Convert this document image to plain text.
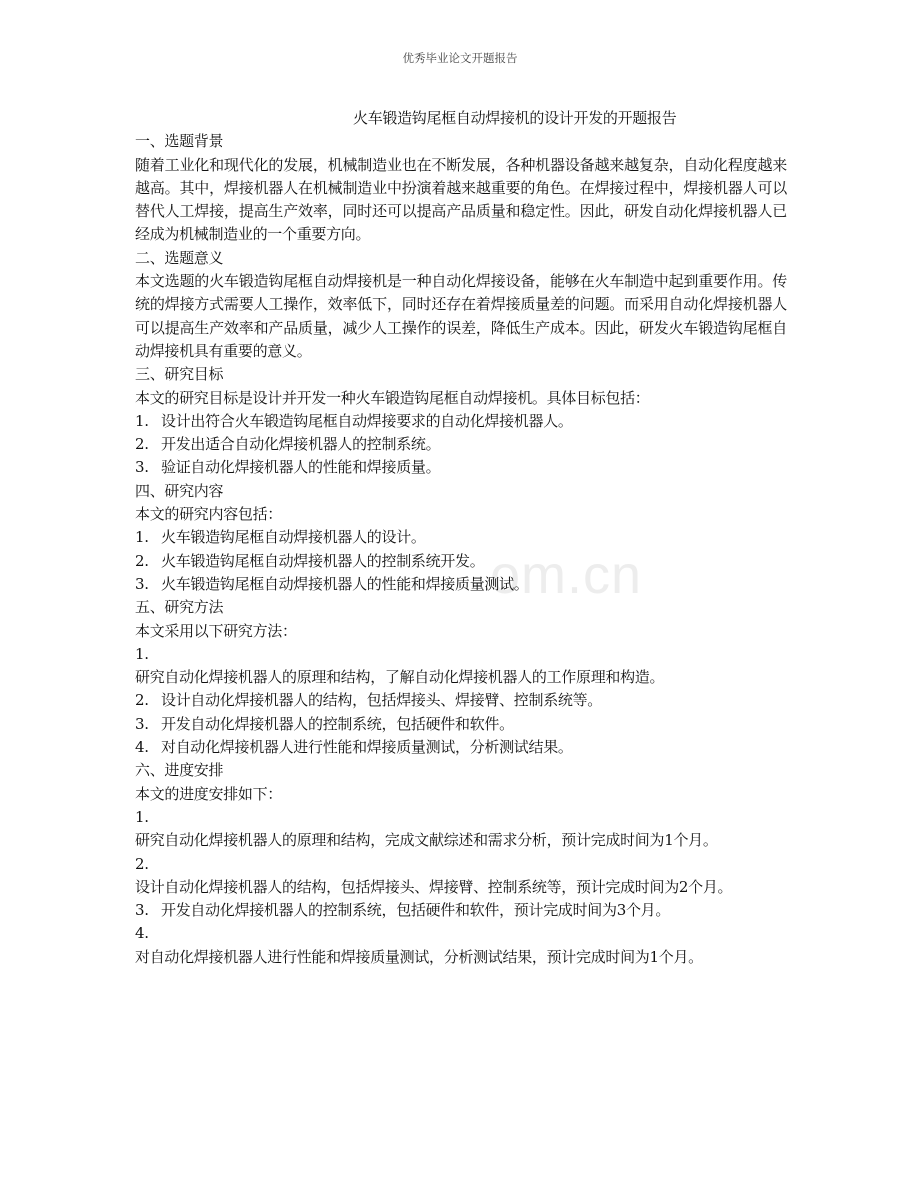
优秀毕业论文开题报告
om.cn
火车锻造钩尾框自动焊接机的设计开发的开题报告
一、选题背景
随着工业化和现代化的发展，机械制造业也在不断发展，各种机器设备越来越复杂，自动化程度越来越高。其中，焊接机器人在机械制造业中扮演着越来越重要的角色。在焊接过程中，焊接机器人可以替代人工焊接，提高生产效率，同时还可以提高产品质量和稳定性。因此，研发自动化焊接机器人已经成为机械制造业的一个重要方向。
二、选题意义
本文选题的火车锻造钩尾框自动焊接机是一种自动化焊接设备，能够在火车制造中起到重要作用。传统的焊接方式需要人工操作，效率低下，同时还存在着焊接质量差的问题。而采用自动化焊接机器人可以提高生产效率和产品质量，减少人工操作的误差，降低生产成本。因此，研发火车锻造钩尾框自动焊接机具有重要的意义。
三、研究目标
本文的研究目标是设计并开发一种火车锻造钩尾框自动焊接机。具体目标包括：
1. 设计出符合火车锻造钩尾框自动焊接要求的自动化焊接机器人。
2. 开发出适合自动化焊接机器人的控制系统。
3. 验证自动化焊接机器人的性能和焊接质量。
四、研究内容
本文的研究内容包括：
1. 火车锻造钩尾框自动焊接机器人的设计。
2. 火车锻造钩尾框自动焊接机器人的控制系统开发。
3. 火车锻造钩尾框自动焊接机器人的性能和焊接质量测试。
五、研究方法
本文采用以下研究方法：
1.
研究自动化焊接机器人的原理和结构，了解自动化焊接机器人的工作原理和构造。
2. 设计自动化焊接机器人的结构，包括焊接头、焊接臂、控制系统等。
3. 开发自动化焊接机器人的控制系统，包括硬件和软件。
4. 对自动化焊接机器人进行性能和焊接质量测试，分析测试结果。
六、进度安排
本文的进度安排如下：
1.
研究自动化焊接机器人的原理和结构，完成文献综述和需求分析，预计完成时间为1个月。
2.
设计自动化焊接机器人的结构，包括焊接头、焊接臂、控制系统等，预计完成时间为2个月。
3. 开发自动化焊接机器人的控制系统，包括硬件和软件，预计完成时间为3个月。
4.
对自动化焊接机器人进行性能和焊接质量测试，分析测试结果，预计完成时间为1个月。
